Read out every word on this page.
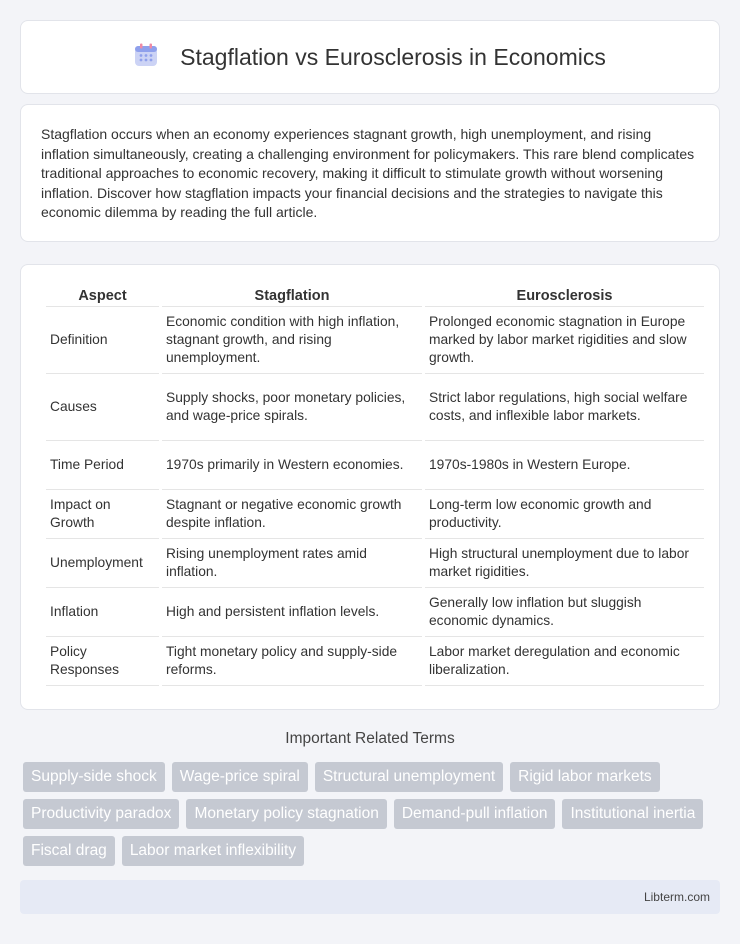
Stagflation vs Eurosclerosis in Economics

Stagflation occurs when an economy experiences stagnant growth, high unemployment, and rising inflation simultaneously, creating a challenging environment for policymakers. This rare blend complicates traditional approaches to economic recovery, making it difficult to stimulate growth without worsening inflation. Discover how stagflation impacts your financial decisions and the strategies to navigate this economic dilemma by reading the full article.

Aspect	Stagflation	Eurosclerosis
Definition	Economic condition with high inflation, stagnant growth, and rising unemployment.	Prolonged economic stagnation in Europe marked by labor market rigidities and slow growth.
Causes	Supply shocks, poor monetary policies, and wage-price spirals.	Strict labor regulations, high social welfare costs, and inflexible labor markets.
Time Period	1970s primarily in Western economies.	1970s-1980s in Western Europe.
Impact on Growth	Stagnant or negative economic growth despite inflation.	Long-term low economic growth and productivity.
Unemployment	Rising unemployment rates amid inflation.	High structural unemployment due to labor market rigidities.
Inflation	High and persistent inflation levels.	Generally low inflation but sluggish economic dynamics.
Policy Responses	Tight monetary policy and supply-side reforms.	Labor market deregulation and economic liberalization.
Important Related Terms
Supply-side shock	Wage-price spiral	Structural unemployment	Rigid labor markets
Productivity paradox	Monetary policy stagnation	Demand-pull inflation	Institutional inertia
Fiscal drag	Labor market inflexibility
Libterm.com
